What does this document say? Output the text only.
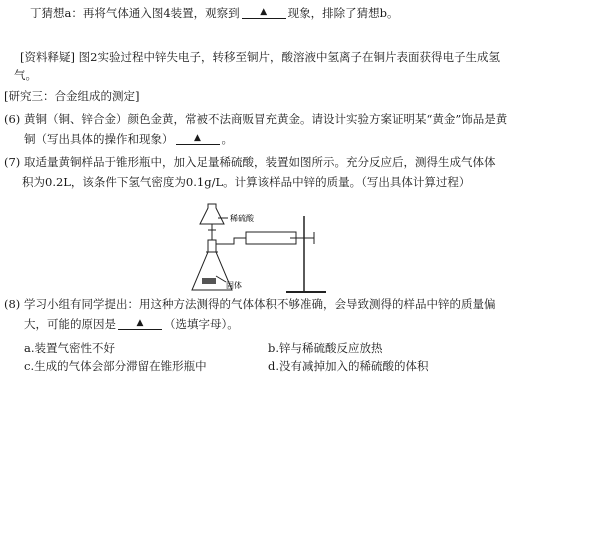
丁猜想a：再将气体通入图4装置，观察到 ▲ 现象，排除了猜想b。
[资料释疑] 图2实验过程中锌失电子，转移至铜片，酸溶液中氢离子在铜片表面获得电子生成氢
气。
[研究三：合金组成的测定]
(6) 黄铜（铜、锌合金）颜色金黄，常被不法商贩冒充黄金。请设计实验方案证明某“黄金”饰品是黄
铜（写出具体的操作和现象） ▲ 。
(7) 取适量黄铜样品于锥形瓶中，加入足量稀硫酸，装置如图所示。充分反应后，测得生成气体体
积为0.2L，该条件下氢气密度为0.1g/L。计算该样品中锌的质量。（写出具体计算过程）
稀硫酸
固体
(8) 学习小组有同学提出：用这种方法测得的气体体积不够准确，会导致测得的样品中锌的质量偏
大，可能的原因是 ▲ （选填字母）。
a.装置气密性不好	b.锌与稀硫酸反应放热
c.生成的气体会部分滞留在锥形瓶中	d.没有减掉加入的稀硫酸的体积
